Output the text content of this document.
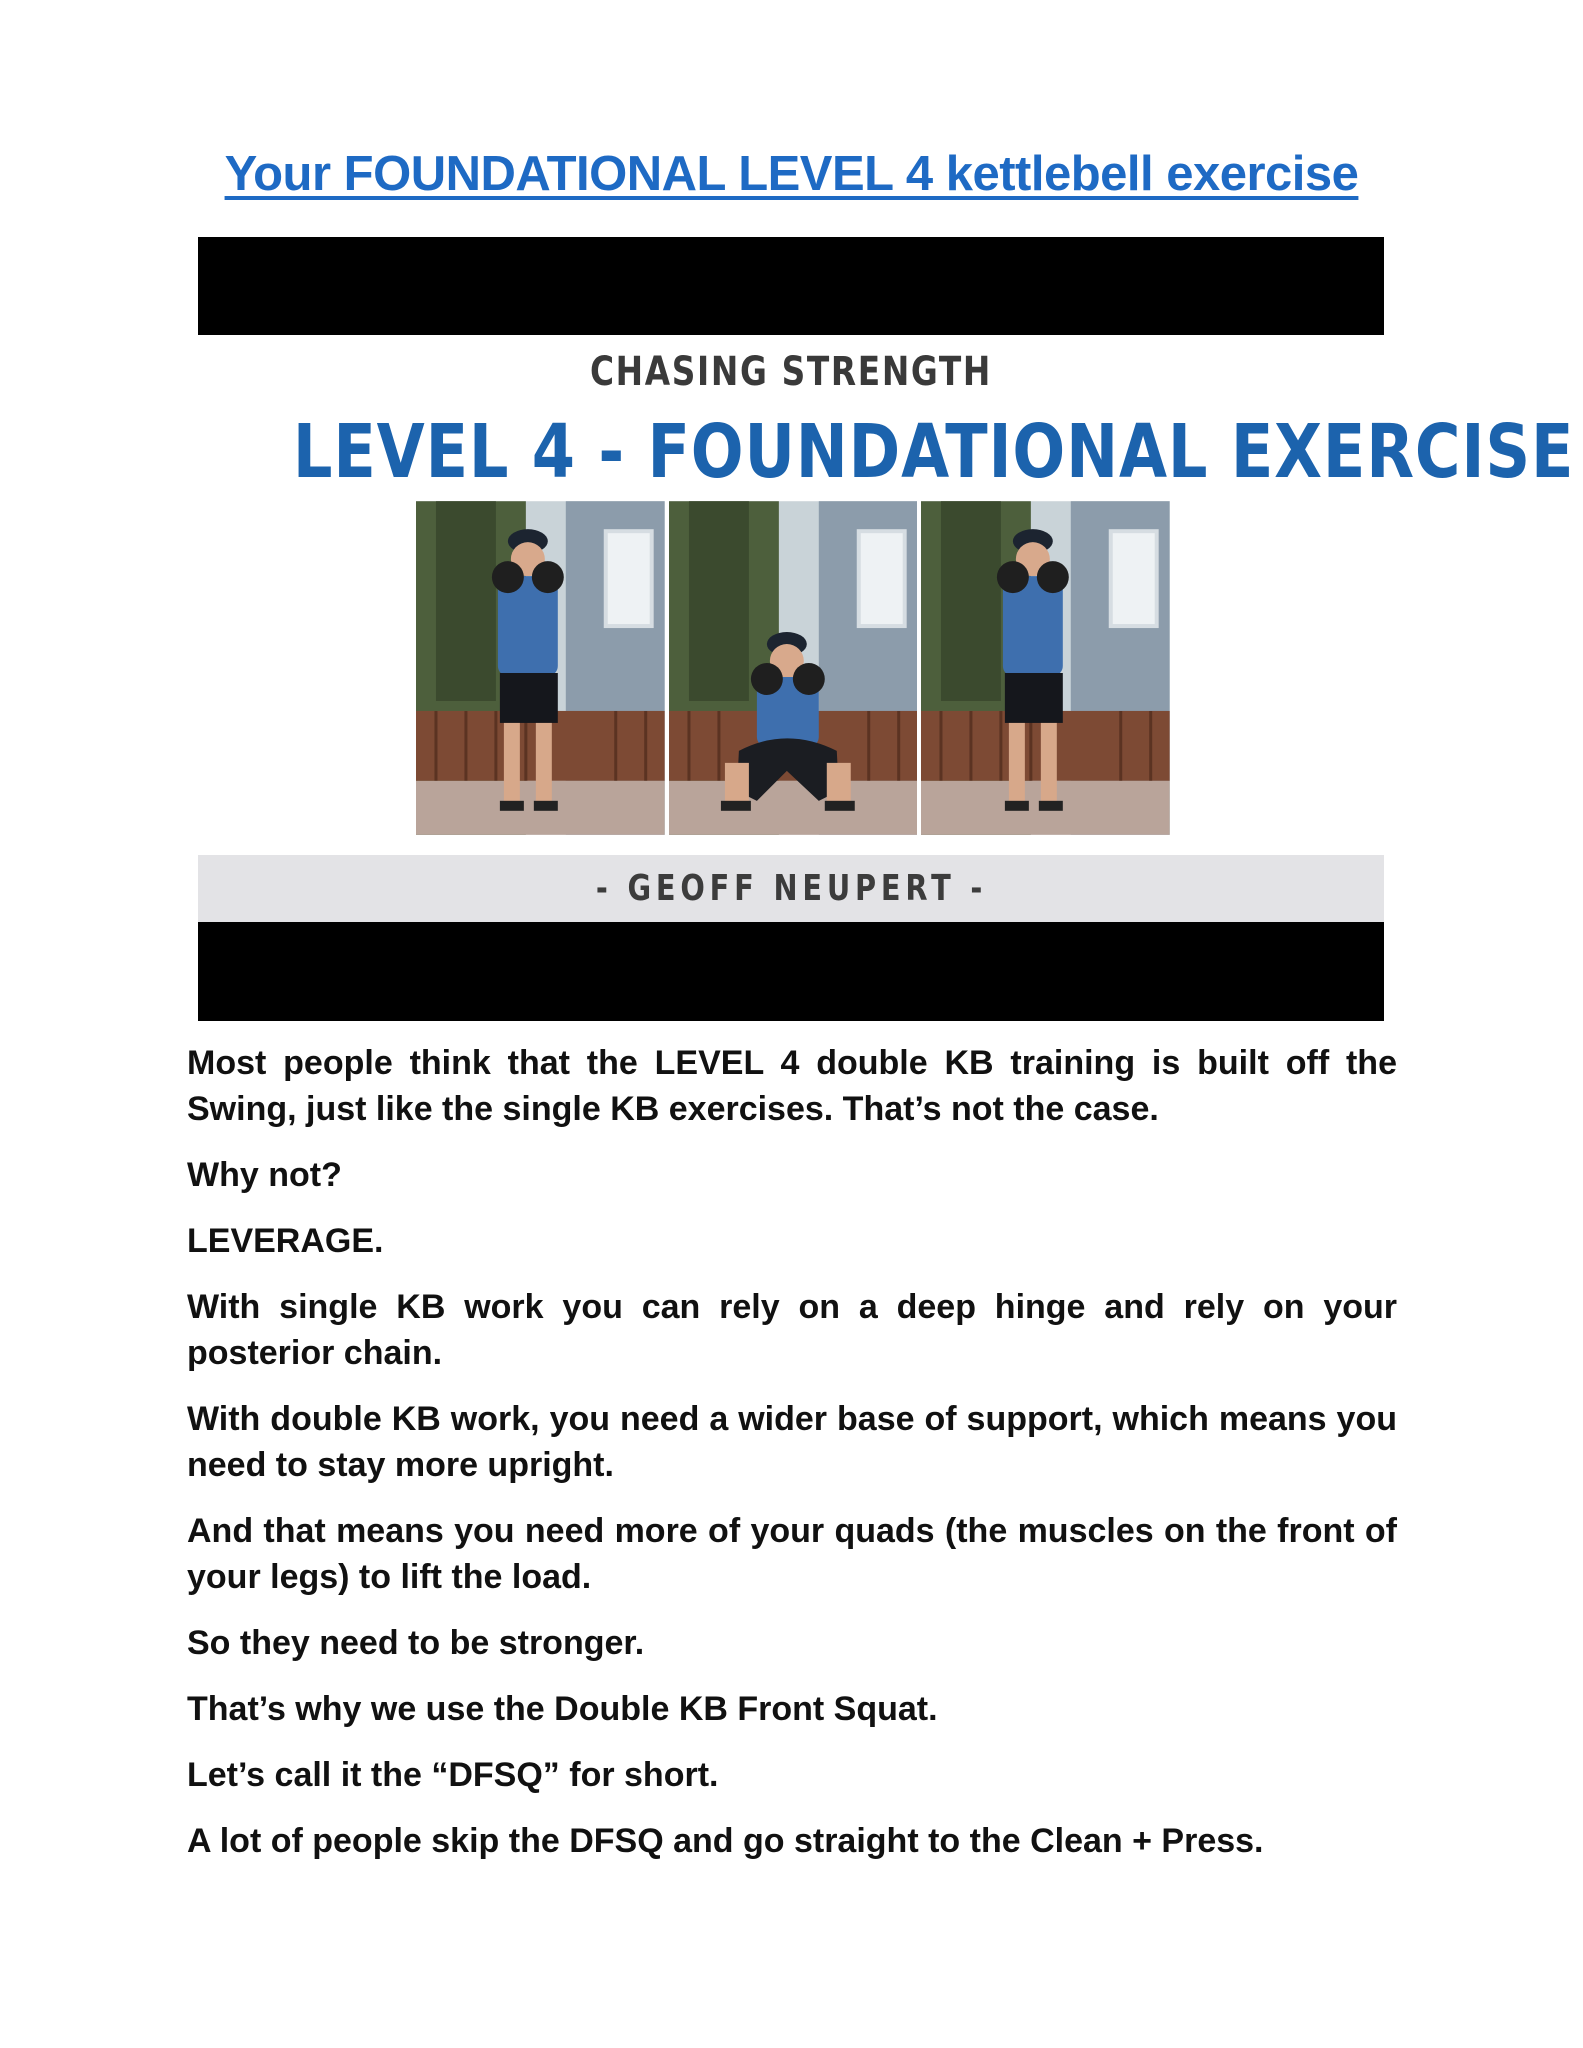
Your FOUNDATIONAL LEVEL 4 kettlebell exercise
CHASING STRENGTH
LEVEL 4 - FOUNDATIONAL EXERCISE
- GEOFF NEUPERT -

Most people think that the LEVEL 4 double KB training is built off the Swing, just like the single KB exercises. That’s not the case.

Why not?

LEVERAGE.

With single KB work you can rely on a deep hinge and rely on your posterior chain.

With double KB work, you need a wider base of support, which means you need to stay more upright.

And that means you need more of your quads (the muscles on the front of your legs) to lift the load.

So they need to be stronger.

That’s why we use the Double KB Front Squat.

Let’s call it the “DFSQ” for short.

A lot of people skip the DFSQ and go straight to the Clean + Press.
